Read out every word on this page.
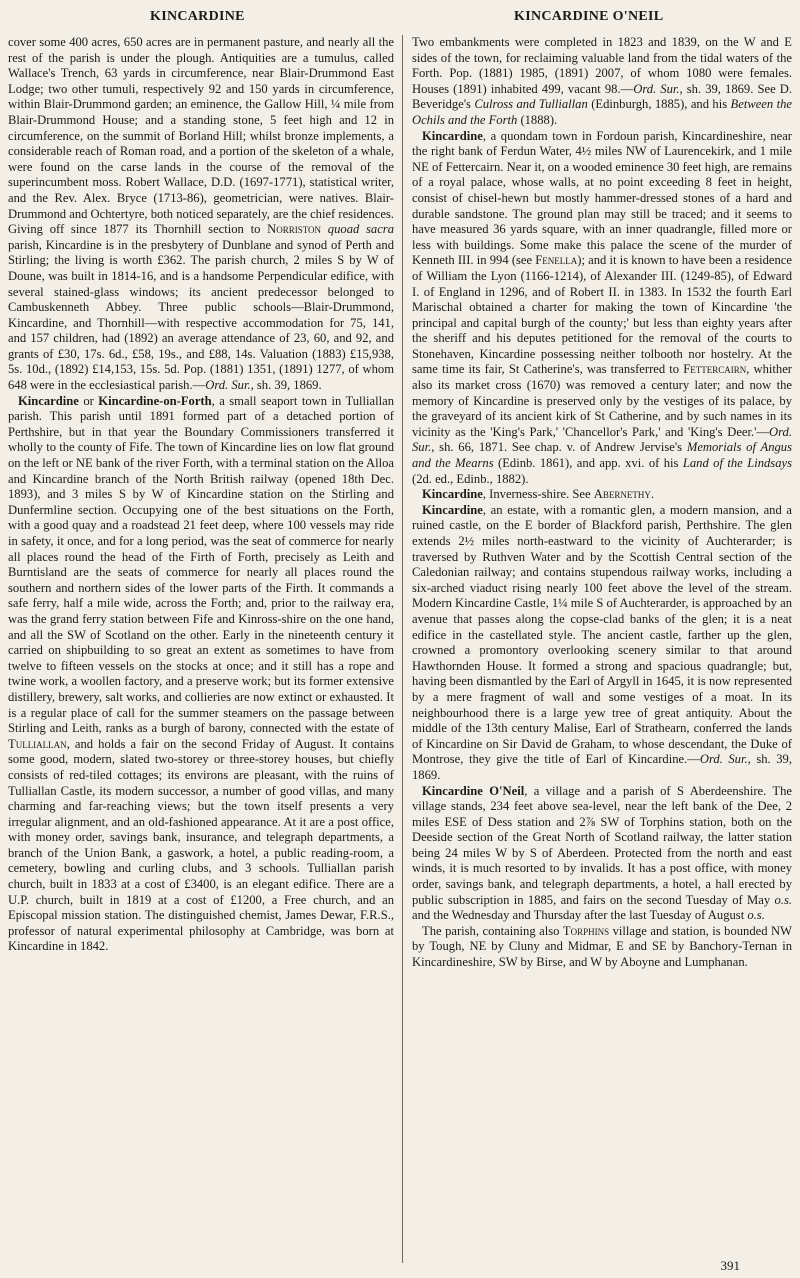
KINCARDINE	KINCARDINE O'NEIL

cover some 400 acres, 650 acres are in permanent pasture, and nearly all the rest of the parish is under the plough. Antiquities are a tumulus, called Wallace's Trench, 63 yards in circumference, near Blair-Drummond East Lodge; two other tumuli, respectively 92 and 150 yards in circumference, within Blair-Drummond garden; an eminence, the Gallow Hill, ¼ mile from Blair-Drummond House; and a standing stone, 5 feet high and 12 in circumference, on the summit of Borland Hill; whilst bronze implements, a considerable reach of Roman road, and a portion of the skeleton of a whale, were found on the carse lands in the course of the removal of the superincumbent moss. Robert Wallace, D.D. (1697-1771), statistical writer, and the Rev. Alex. Bryce (1713-86), geometrician, were natives. Blair-Drummond and Ochtertyre, both noticed separately, are the chief residences. Giving off since 1877 its Thornhill section to Norriston quoad sacra parish, Kincardine is in the presbytery of Dunblane and synod of Perth and Stirling; the living is worth £362. The parish church, 2 miles S by W of Doune, was built in 1814-16, and is a handsome Perpendicular edifice, with several stained-glass windows; its ancient predecessor belonged to Cambuskenneth Abbey. Three public schools—Blair-Drummond, Kincardine, and Thornhill—with respective accommodation for 75, 141, and 157 children, had (1892) an average attendance of 23, 60, and 92, and grants of £30, 17s. 6d., £58, 19s., and £88, 14s. Valuation (1883) £15,938, 5s. 10d., (1892) £14,153, 15s. 5d. Pop. (1881) 1351, (1891) 1277, of whom 648 were in the ecclesiastical parish.—Ord. Sur., sh. 39, 1869.

Kincardine or Kincardine-on-Forth, a small seaport town in Tulliallan parish. This parish until 1891 formed part of a detached portion of Perthshire, but in that year the Boundary Commissioners transferred it wholly to the county of Fife. The town of Kincardine lies on low flat ground on the left or NE bank of the river Forth, with a terminal station on the Alloa and Kincardine branch of the North British railway (opened 18th Dec. 1893), and 3 miles S by W of Kincardine station on the Stirling and Dunfermline section. Occupying one of the best situations on the Forth, with a good quay and a roadstead 21 feet deep, where 100 vessels may ride in safety, it once, and for a long period, was the seat of commerce for nearly all places round the head of the Firth of Forth, precisely as Leith and Burntisland are the seats of commerce for nearly all places round the southern and northern sides of the lower parts of the Firth. It commands a safe ferry, half a mile wide, across the Forth; and, prior to the railway era, was the grand ferry station between Fife and Kinross-shire on the one hand, and all the SW of Scotland on the other. Early in the nineteenth century it carried on shipbuilding to so great an extent as sometimes to have from twelve to fifteen vessels on the stocks at once; and it still has a rope and twine work, a woollen factory, and a preserve work; but its former extensive distillery, brewery, salt works, and collieries are now extinct or exhausted. It is a regular place of call for the summer steamers on the passage between Stirling and Leith, ranks as a burgh of barony, connected with the estate of Tulliallan, and holds a fair on the second Friday of August. It contains some good, modern, slated two-storey or three-storey houses, but chiefly consists of red-tiled cottages; its environs are pleasant, with the ruins of Tulliallan Castle, its modern successor, a number of good villas, and many charming and far-reaching views; but the town itself presents a very irregular alignment, and an old-fashioned appearance. At it are a post office, with money order, savings bank, insurance, and telegraph departments, a branch of the Union Bank, a gaswork, a hotel, a public reading-room, a cemetery, bowling and curling clubs, and 3 schools. Tulliallan parish church, built in 1833 at a cost of £3400, is an elegant edifice. There are a U.P. church, built in 1819 at a cost of £1200, a Free church, and an Episcopal mission station. The distinguished chemist, James Dewar, F.R.S., professor of natural experimental philosophy at Cambridge, was born at Kincardine in 1842.

Two embankments were completed in 1823 and 1839, on the W and E sides of the town, for reclaiming valuable land from the tidal waters of the Forth. Pop. (1881) 1985, (1891) 2007, of whom 1080 were females. Houses (1891) inhabited 499, vacant 98.—Ord. Sur., sh. 39, 1869. See D. Beveridge's Culross and Tulliallan (Edinburgh, 1885), and his Between the Ochils and the Forth (1888).

Kincardine, a quondam town in Fordoun parish, Kincardineshire, near the right bank of Ferdun Water, 4½ miles NW of Laurencekirk, and 1 mile NE of Fettercairn. Near it, on a wooded eminence 30 feet high, are remains of a royal palace, whose walls, at no point exceeding 8 feet in height, consist of chisel-hewn but mostly hammer-dressed stones of a hard and durable sandstone. The ground plan may still be traced; and it seems to have measured 36 yards square, with an inner quadrangle, filled more or less with buildings. Some make this palace the scene of the murder of Kenneth III. in 994 (see Fenella); and it is known to have been a residence of William the Lyon (1166-1214), of Alexander III. (1249-85), of Edward I. of England in 1296, and of Robert II. in 1383. In 1532 the fourth Earl Marischal obtained a charter for making the town of Kincardine 'the principal and capital burgh of the county;' but less than eighty years after the sheriff and his deputes petitioned for the removal of the courts to Stonehaven, Kincardine possessing neither tolbooth nor hostelry. At the same time its fair, St Catherine's, was transferred to Fettercairn, whither also its market cross (1670) was removed a century later; and now the memory of Kincardine is preserved only by the vestiges of its palace, by the graveyard of its ancient kirk of St Catherine, and by such names in its vicinity as the 'King's Park,' 'Chancellor's Park,' and 'King's Deer.'—Ord. Sur., sh. 66, 1871. See chap. v. of Andrew Jervise's Memorials of Angus and the Mearns (Edinb. 1861), and app. xvi. of his Land of the Lindsays (2d. ed., Edinb., 1882).

Kincardine, Inverness-shire. See Abernethy.

Kincardine, an estate, with a romantic glen, a modern mansion, and a ruined castle, on the E border of Blackford parish, Perthshire. The glen extends 2½ miles north-eastward to the vicinity of Auchterarder; is traversed by Ruthven Water and by the Scottish Central section of the Caledonian railway; and contains stupendous railway works, including a six-arched viaduct rising nearly 100 feet above the level of the stream. Modern Kincardine Castle, 1¼ mile S of Auchterarder, is approached by an avenue that passes along the copse-clad banks of the glen; it is a neat edifice in the castellated style. The ancient castle, farther up the glen, crowned a promontory overlooking scenery similar to that around Hawthornden House. It formed a strong and spacious quadrangle; but, having been dismantled by the Earl of Argyll in 1645, it is now represented by a mere fragment of wall and some vestiges of a moat. In its neighbourhood there is a large yew tree of great antiquity. About the middle of the 13th century Malise, Earl of Strathearn, conferred the lands of Kincardine on Sir David de Graham, to whose descendant, the Duke of Montrose, they give the title of Earl of Kincardine.—Ord. Sur., sh. 39, 1869.

Kincardine O'Neil, a village and a parish of S Aberdeenshire. The village stands, 234 feet above sea-level, near the left bank of the Dee, 2 miles ESE of Dess station and 2⅞ SW of Torphins station, both on the Deeside section of the Great North of Scotland railway, the latter station being 24 miles W by S of Aberdeen. Protected from the north and east winds, it is much resorted to by invalids. It has a post office, with money order, savings bank, and telegraph departments, a hotel, a hall erected by public subscription in 1885, and fairs on the second Tuesday of May o.s. and the Wednesday and Thursday after the last Tuesday of August o.s.

The parish, containing also Torphins village and station, is bounded NW by Tough, NE by Cluny and Midmar, E and SE by Banchory-Ternan in Kincardineshire, SW by Birse, and W by Aboyne and Lumphanan.

391
